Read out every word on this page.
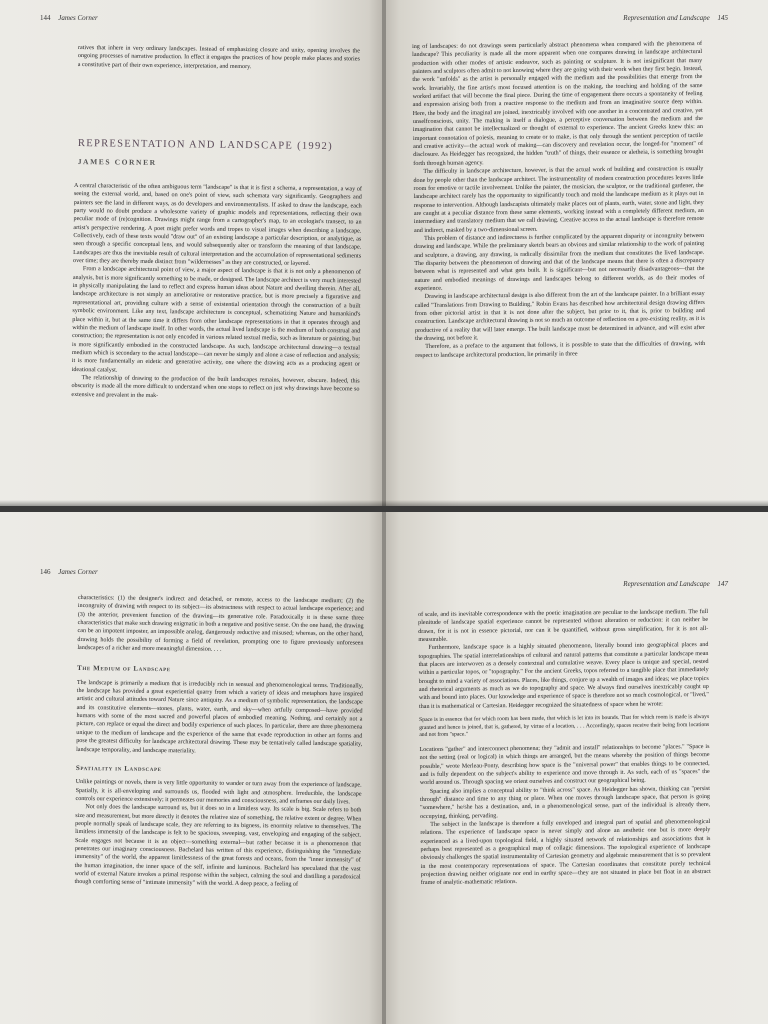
144 James Corner

ratives that inhere in very ordinary landscapes. Instead of emphasizing closure and unity, opening involves the ongoing processes of narrative production. In effect it engages the practices of how people make places and stories a constitutive part of their own experience, interpretation, and memory.

REPRESENTATION AND LANDSCAPE (1992)
JAMES CORNER

A central characteristic of the often ambiguous term "landscape" is that it is first a schema, a representation, a way of seeing the external world, and, based on one's point of view, such schemata vary significantly. Geographers and painters see the land in different ways, as do developers and environmentalists. If asked to draw the landscape, each party would no doubt produce a wholesome variety of graphic models and representations, reflecting their own peculiar mode of (re)cognition. Drawings might range from a cartographer's map, to an ecologist's transect, to an artist's perspective rendering. A poet might prefer words and tropes to visual images when describing a landscape. Collectively, each of these texts would "draw out" of an existing landscape a particular description, or analytique, as seen through a specific conceptual lens, and would subsequently alter or transform the meaning of that landscape. Landscapes are thus the inevitable result of cultural interpretation and the accumulation of representational sediments over time; they are thereby made distinct from "wildernesses" as they are constructed, or layered.

From a landscape architectural point of view, a major aspect of landscape is that it is not only a phenomenon of analysis, but is more significantly something to be made, or designed. The landscape architect is very much interested in physically manipulating the land to reflect and express human ideas about Nature and dwelling therein. After all, landscape architecture is not simply an ameliorative or restorative practice, but is more precisely a figurative and representational art, providing culture with a sense of existential orientation through the construction of a built symbolic environment. Like any text, landscape architecture is conceptual, schematizing Nature and humankind's place within it, but at the same time it differs from other landscape representations in that it operates through and within the medium of landscape itself. In other words, the actual lived landscape is the medium of both construal and construction; the representation is not only encoded in various related textual media, such as literature or painting, but is more significantly embodied in the constructed landscape. As such, landscape architectural drawing—a textual medium which is secondary to the actual landscape—can never be simply and alone a case of reflection and analysis; it is more fundamentally an eidetic and generative activity, one where the drawing acts as a producing agent or ideational catalyst.

The relationship of drawing to the production of the built landscapes remains, however, obscure. Indeed, this obscurity is made all the more difficult to understand when one stops to reflect on just why drawings have become so extensive and prevalent in the mak-

Representation and Landscape 145

ing of landscapes: do not drawings seem particularly abstract phenomena when compared with the phenomena of landscape? This peculiarity is made all the more apparent when one compares drawing in landscape architectural production with other modes of artistic endeavor, such as painting or sculpture. It is not insignificant that many painters and sculptors often admit to not knowing where they are going with their work when they first begin. Instead, the work "unfolds" as the artist is personally engaged with the medium and the possibilities that emerge from the work. Invariably, the fine artist's most focused attention is on the making, the touching and holding of the same worked artifact that will become the final piece. During the time of engagement there occurs a spontaneity of feeling and expression arising both from a reactive response to the medium and from an imaginative source deep within. Here, the body and the imaginal are joined, inextricably involved with one another in a concentrated and creative, yet unselfconscious, unity. The making is itself a dialogue, a perceptive conversation between the medium and the imagination that cannot be intellectualized or thought of external to experience. The ancient Greeks knew this: an important connotation of poiesis, meaning to create or to make, is that only through the sentient perception of tactile and creative activity—the actual work of making—can discovery and revelation occur, the longed-for "moment" of disclosure. As Heidegger has recognized, the hidden "truth" of things, their essence or aletheia, is something brought forth through human agency.

The difficulty in landscape architecture, however, is that the actual work of building and construction is usually done by people other than the landscape architect. The instrumentality of modern construction procedures leaves little room for emotive or tactile involvement. Unlike the painter, the musician, the sculptor, or the traditional gardener, the landscape architect rarely has the opportunity to significantly touch and mold the landscape medium as it plays out in response to intervention. Although landscapists ultimately make places out of plants, earth, water, stone and light, they are caught at a peculiar distance from these same elements, working instead with a completely different medium, an intermediary and translatory medium that we call drawing. Creative access to the actual landscape is therefore remote and indirect, masked by a two-dimensional screen.

This problem of distance and indirectness is further complicated by the apparent disparity or incongruity between drawing and landscape. While the preliminary sketch bears an obvious and similar relationship to the work of painting and sculpture, a drawing, any drawing, is radically dissimilar from the medium that constitutes the lived landscape. The disparity between the phenomenon of drawing and that of the landscape means that there is often a discrepancy between what is represented and what gets built. It is significant—but not necessarily disadvantageous—that the nature and embodied meanings of drawings and landscapes belong to different worlds, as do their modes of experience.

Drawing in landscape architectural design is also different from the art of the landscape painter. In a brilliant essay called "Translations from Drawing to Building," Robin Evans has described how architectural design drawing differs from other pictorial artist in that it is not done after the subject, but prior to it, that is, prior to building and construction. Landscape architectural drawing is not so much an outcome of reflection on a pre-existing reality, as it is productive of a reality that will later emerge. The built landscape must be determined in advance, and will exist after the drawing, not before it.

Therefore, as a preface to the argument that follows, it is possible to state that the difficulties of drawing, with respect to landscape architectural production, lie primarily in three

146 James Corner

characteristics: (1) the designer's indirect and detached, or remote, access to the landscape medium; (2) the incongruity of drawing with respect to its subject—its abstractness with respect to actual landscape experience; and (3) the anterior, prevenient function of the drawing—its generative role. Paradoxically it is these same three characteristics that make such drawing enigmatic in both a negative and positive sense. On the one hand, the drawing can be an impotent imposter, an impossible analog, dangerously reductive and misused; whereas, on the other hand, drawing holds the possibility of forming a field of revelation, prompting one to figure previously unforeseen landscapes of a richer and more meaningful dimension. . . .

The Medium of Landscape

The landscape is primarily a medium that is irreducibly rich in sensual and phenomenological terms. Traditionally, the landscape has provided a great experiential quarry from which a variety of ideas and metaphors have inspired artistic and cultural attitudes toward Nature since antiquity. As a medium of symbolic representation, the landscape and its constitutive elements—stones, plants, water, earth, and sky—when artfully composed—have provided humans with some of the most sacred and powerful places of embodied meaning. Nothing, and certainly not a picture, can replace or equal the direct and bodily experience of such places. In particular, there are three phenomena unique to the medium of landscape and the experience of the same that evade reproduction in other art forms and pose the greatest difficulty for landscape architectural drawing. These may be tentatively called landscape spatiality, landscape temporality, and landscape materiality.

Spatiality in Landscape

Unlike paintings or novels, there is very little opportunity to wander or turn away from the experience of landscape. Spatially, it is all-enveloping and surrounds us, flooded with light and atmosphere. Irreducible, the landscape controls our experience extensively; it permeates our memories and consciousness, and enframes our daily lives.

Not only does the landscape surround us, but it does so in a limitless way. Its scale is big. Scale refers to both size and measurement, but more directly it denotes the relative size of something, the relative extent or degree. When people normally speak of landscape scale, they are referring to its bigness, its enormity relative to themselves. The limitless immensity of the landscape is felt to be spacious, sweeping, vast, enveloping and engaging of the subject. Scale engages not because it is an object—something external—but rather because it is a phenomenon that penetrates our imaginary consciousness. Bachelard has written of this experience, distinguishing the "immediate immensity" of the world, the apparent limitlessness of the great forests and oceans, from the "inner immensity" of the human imagination, the inner space of the self, infinite and luminous. Bachelard has speculated that the vast world of external Nature invokes a primal response within the subject, calming the soul and distilling a paradoxical though comforting sense of "intimate immensity" with the world. A deep peace, a feeling of

Representation and Landscape 147

of scale, and its inevitable correspondence with the poetic imagination are peculiar to the landscape medium. The full plenitude of landscape spatial experience cannot be represented without alteration or reduction: it can neither be drawn, for it is not in essence pictorial, nor can it be quantified, without gross simplification, for it is not all-measurable.

Furthermore, landscape space is a highly situated phenomenon, literally bound into geographical places and topographies. The spatial interrelationships of cultural and natural patterns that constitute a particular landscape mean that places are interwoven as a densely contextual and cumulative weave. Every place is unique and special, nested within a particular topos, or "topography." For the ancient Greeks, topos referred to a tangible place that immediately brought to mind a variety of associations. Places, like things, conjure up a wealth of images and ideas; we place topics and rhetorical arguments as much as we do topography and space. We always find ourselves inextricably caught up with and bound into places. Our knowledge and experience of space is therefore not so much cosmological, or "lived," than it is mathematical or Cartesian. Heidegger recognized the situatedness of space when he wrote:

Space is in essence that for which room has been made, that which is let into its bounds. That for which room is made is always granted and hence is joined, that is, gathered, by virtue of a location, . . . Accordingly, spaces receive their being from locations and not from "space."

Locations "gather" and interconnect phenomena; they "admit and install" relationships to become "places." "Space is not the setting (real or logical) in which things are arranged, but the means whereby the position of things become possible," wrote Merleau-Ponty, describing how space is the "universal power" that enables things to be connected, and is fully dependent on the subject's ability to experience and move through it. As such, each of us "spaces" the world around us. Through spacing we orient ourselves and construct our geographical being.

Spacing also implies a conceptual ability to "think across" space. As Heidegger has shown, thinking can "persist through" distance and time to any thing or place. When one moves through landscape space, that person is going "somewhere," he/she has a destination, and, in a phenomenological sense, part of the individual is already there, occupying, thinking, pervading.

The subject in the landscape is therefore a fully enveloped and integral part of spatial and phenomenological relations. The experience of landscape space is never simply and alone an aesthetic one but is more deeply experienced as a lived-upon topological field, a highly situated network of relationships and associations that is perhaps best represented as a geographical map of collagic dimensions. The topological experience of landscape obviously challenges the spatial instrumentality of Cartesian geometry and algebraic measurement that is so prevalent in the most contemporary representations of space. The Cartesian coordinates that constitute purely technical projection drawing neither originate nor end in earthy space—they are not situated in place but float in an abstract frame of analytic-mathematic relations.
